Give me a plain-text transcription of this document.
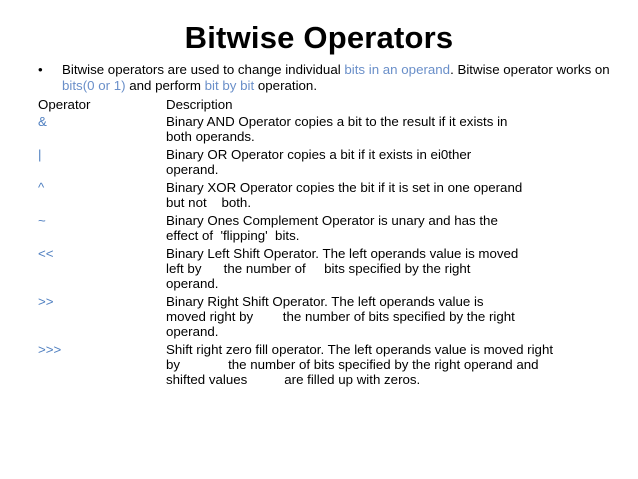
Bitwise Operators
• Bitwise operators are used to change individual bits in an operand. Bitwise operator works on bits(0 or 1) and perform bit by bit operation.
Operator	Description
&	Binary AND Operator copies a bit to the result if it exists in
both operands.
|	Binary OR Operator copies a bit if it exists in ei0ther
operand.
^	Binary XOR Operator copies the bit if it is set in one operand
but not    both.
~	Binary Ones Complement Operator is unary and has the
effect of  'flipping'  bits.
<<	Binary Left Shift Operator. The left operands value is moved
left by      the number of     bits specified by the right
operand.
>>	Binary Right Shift Operator. The left operands value is
moved right by        the number of bits specified by the right
operand.
>>>	Shift right zero fill operator. The left operands value is moved right
by             the number of bits specified by the right operand and
shifted values          are filled up with zeros.
